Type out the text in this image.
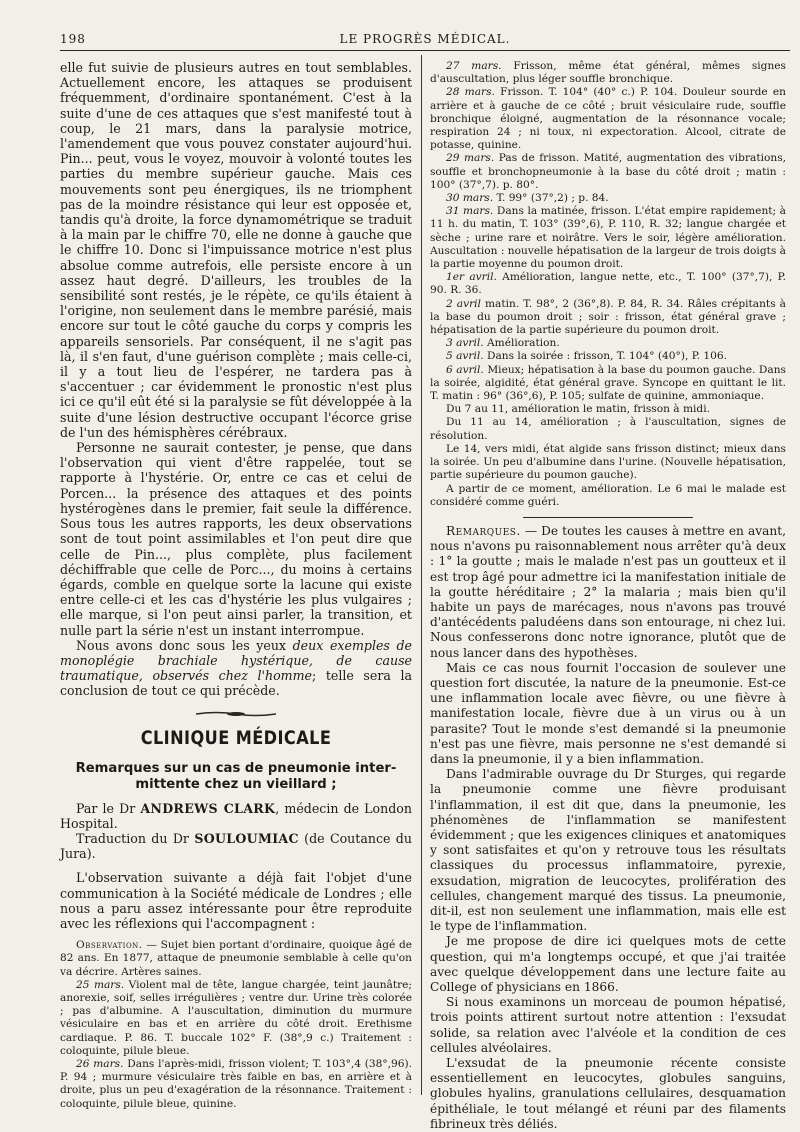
198	LE PROGRÈS MÉDICAL.

elle fut suivie de plusieurs autres en tout semblables. Actuellement encore, les attaques se produisent fréquemment, d'ordinaire spontanément. C'est à la suite d'une de ces attaques que s'est manifesté tout à coup, le 21 mars, dans la paralysie motrice, l'amendement que vous pouvez constater aujourd'hui. Pin... peut, vous le voyez, mouvoir à volonté toutes les parties du membre supérieur gauche. Mais ces mouvements sont peu énergiques, ils ne triomphent pas de la moindre résistance qui leur est opposée et, tandis qu'à droite, la force dynamométrique se traduit à la main par le chiffre 70, elle ne donne à gauche que le chiffre 10. Donc si l'impuissance motrice n'est plus absolue comme autrefois, elle persiste encore à un assez haut degré. D'ailleurs, les troubles de la sensibilité sont restés, je le répète, ce qu'ils étaient à l'origine, non seulement dans le membre parésié, mais encore sur tout le côté gauche du corps y compris les appareils sensoriels. Par conséquent, il ne s'agit pas là, il s'en faut, d'une guérison complète ; mais celle-ci, il y a tout lieu de l'espérer, ne tardera pas à s'accentuer ; car évidemment le pronostic n'est plus ici ce qu'il eût été si la paralysie se fût développée à la suite d'une lésion destructive occupant l'écorce grise de l'un des hémisphères cérébraux.

Personne ne saurait contester, je pense, que dans l'observation qui vient d'être rappelée, tout se rapporte à l'hystérie. Or, entre ce cas et celui de Porcen... la présence des attaques et des points hystérogènes dans le premier, fait seule la différence. Sous tous les autres rapports, les deux observations sont de tout point assimilables et l'on peut dire que celle de Pin..., plus complète, plus facilement déchiffrable que celle de Porc..., du moins à certains égards, comble en quelque sorte la lacune qui existe entre celle-ci et les cas d'hystérie les plus vulgaires ; elle marque, si l'on peut ainsi parler, la transition, et nulle part la série n'est un instant interrompue.

Nous avons donc sous les yeux deux exemples de monoplégie brachiale hystérique, de cause traumatique, observés chez l'homme; telle sera la conclusion de tout ce qui précède.

CLINIQUE MÉDICALE
Remarques sur un cas de pneumonie inter-
mittente chez un vieillard ;

Par le Dr ANDREWS CLARK, médecin de London Hospital.

Traduction du Dr SOULOUMIAC (de Coutance du Jura).

L'observation suivante a déjà fait l'objet d'une communication à la Société médicale de Londres ; elle nous a paru assez intéressante pour être reproduite avec les réflexions qui l'accompagnent :

Observation. — Sujet bien portant d'ordinaire, quoique âgé de 82 ans. En 1877, attaque de pneumonie semblable à celle qu'on va décrire. Artères saines.

25 mars. Violent mal de tête, langue chargée, teint jaunâtre; anorexie, soif, selles irrégulières ; ventre dur. Urine très colorée ; pas d'albumine. A l'auscultation, diminution du murmure vésiculaire en bas et en arrière du côté droit. Erethisme cardiaque. P. 86. T. buccale 102° F. (38°,9 c.) Traitement : coloquinte, pilule bleue.

26 mars. Dans l'après-midi, frisson violent; T. 103°,4 (38°,96). P. 94 ; murmure vésiculaire très faible en bas, en arrière et à droite, plus un peu d'exagération de la résonnance. Traitement : coloquinte, pilule bleue, quinine.

27 mars. Frisson, même état général, mêmes signes d'auscultation, plus léger souffle bronchique.

28 mars. Frisson. T. 104° (40° c.) P. 104. Douleur sourde en arrière et à gauche de ce côté ; bruit vésiculaire rude, souffle bronchique éloigné, augmentation de la résonnance vocale; respiration 24 ; ni toux, ni expectoration. Alcool, citrate de potasse, quinine.

29 mars. Pas de frisson. Matité, augmentation des vibrations, souffle et bronchopneumonie à la base du côté droit ; matin : 100° (37°,7). p. 80°.

30 mars. T. 99° (37°,2) ; p. 84.

31 mars. Dans la matinée, frisson. L'état empire rapidement; à 11 h. du matin, T. 103° (39°,6), P. 110, R. 32; langue chargée et sèche ; urine rare et noirâtre. Vers le soir, légère amélioration. Auscultation : nouvelle hépatisation de la largeur de trois doigts à la partie moyenne du poumon droit.

1er avril. Amélioration, langue nette, etc., T. 100° (37°,7), P. 90. R. 36.

2 avril matin. T. 98°, 2 (36°,8). P. 84, R. 34. Râles crépitants à la base du poumon droit ; soir : frisson, état général grave ; hépatisation de la partie supérieure du poumon droit.

3 avril. Amélioration.

5 avril. Dans la soirée : frisson, T. 104° (40°), P. 106.

6 avril. Mieux; hépatisation à la base du poumon gauche. Dans la soirée, algidité, état général grave. Syncope en quittant le lit. T. matin : 96° (36°,6), P. 105; sulfate de quinine, ammoniaque.

Du 7 au 11, amélioration le matin, frisson à midi.

Du 11 au 14, amélioration ; à l'auscultation, signes de résolution.

Le 14, vers midi, état algide sans frisson distinct; mieux dans la soirée. Un peu d'albumine dans l'urine. (Nouvelle hépatisation, partie supérieure du poumon gauche).

A partir de ce moment, amélioration. Le 6 mai le malade est considéré comme guéri.

Remarques. — De toutes les causes à mettre en avant, nous n'avons pu raisonnablement nous arrêter qu'à deux : 1° la goutte ; mais le malade n'est pas un goutteux et il est trop âgé pour admettre ici la manifestation initiale de la goutte héréditaire ; 2° la malaria ; mais bien qu'il habite un pays de marécages, nous n'avons pas trouvé d'antécédents paludéens dans son entourage, ni chez lui. Nous confesserons donc notre ignorance, plutôt que de nous lancer dans des hypothèses.

Mais ce cas nous fournit l'occasion de soulever une question fort discutée, la nature de la pneumonie. Est-ce une inflammation locale avec fièvre, ou une fièvre à manifestation locale, fièvre due à un virus ou à un parasite? Tout le monde s'est demandé si la pneumonie n'est pas une fièvre, mais personne ne s'est demandé si dans la pneumonie, il y a bien inflammation.

Dans l'admirable ouvrage du Dr Sturges, qui regarde la pneumonie comme une fièvre produisant l'inflammation, il est dit que, dans la pneumonie, les phénomènes de l'inflammation se manifestent évidemment ; que les exigences cliniques et anatomiques y sont satisfaites et qu'on y retrouve tous les résultats classiques du processus inflammatoire, pyrexie, exsudation, migration de leucocytes, prolifération des cellules, changement marqué des tissus. La pneumonie, dit-il, est non seulement une inflammation, mais elle est le type de l'inflammation.

Je me propose de dire ici quelques mots de cette question, qui m'a longtemps occupé, et que j'ai traitée avec quelque développement dans une lecture faite au College of physicians en 1866.

Si nous examinons un morceau de poumon hépatisé, trois points attirent surtout notre attention : l'exsudat solide, sa relation avec l'alvéole et la condition de ces cellules alvéolaires.

L'exsudat de la pneumonie récente consiste essentiellement en leucocytes, globules sanguins, globules hyalins, granulations cellulaires, desquamation épithéliale, le tout mélangé et réuni par des filaments fibrineux très déliés.
